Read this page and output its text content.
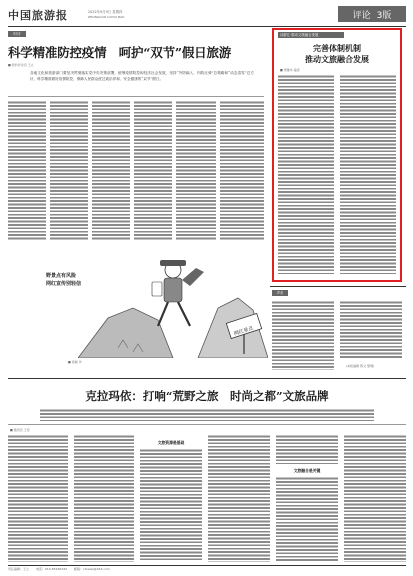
中国旅游报	2022年9月9日 星期四
ZHONGGUO LUYOU BAO	评论 3版
时评
科学精准防控疫情　呵护“双节”假日旅游
■ 特约评论员 王立
各地文化和旅游部门要坚决贯彻落实党中央决策部署，统筹疫情防控和经济社会发展，坚持“外防输入、内防反弹”总策略和“动态清零”总方针，科学精准做好疫情防控，保障人民群众度过欢乐祥和、安全健康的“双节”假日。
诗群汇·推动文旅融合发展
完善体制机制
推动文旅融合发展
■ 周继华 编者
野景点有风险
网红宣传别轻信
■ 徐骏 作
网红景点
声音
(本报编辑 陈文 整理)
克拉玛依：打响“荒野之旅　时尚之都”文旅品牌
■ 通讯员 王宏
文旅资源是基础
文旅融合是关键
责任编辑：王立 电话：010-85166342 邮箱：ctnews@163.com
